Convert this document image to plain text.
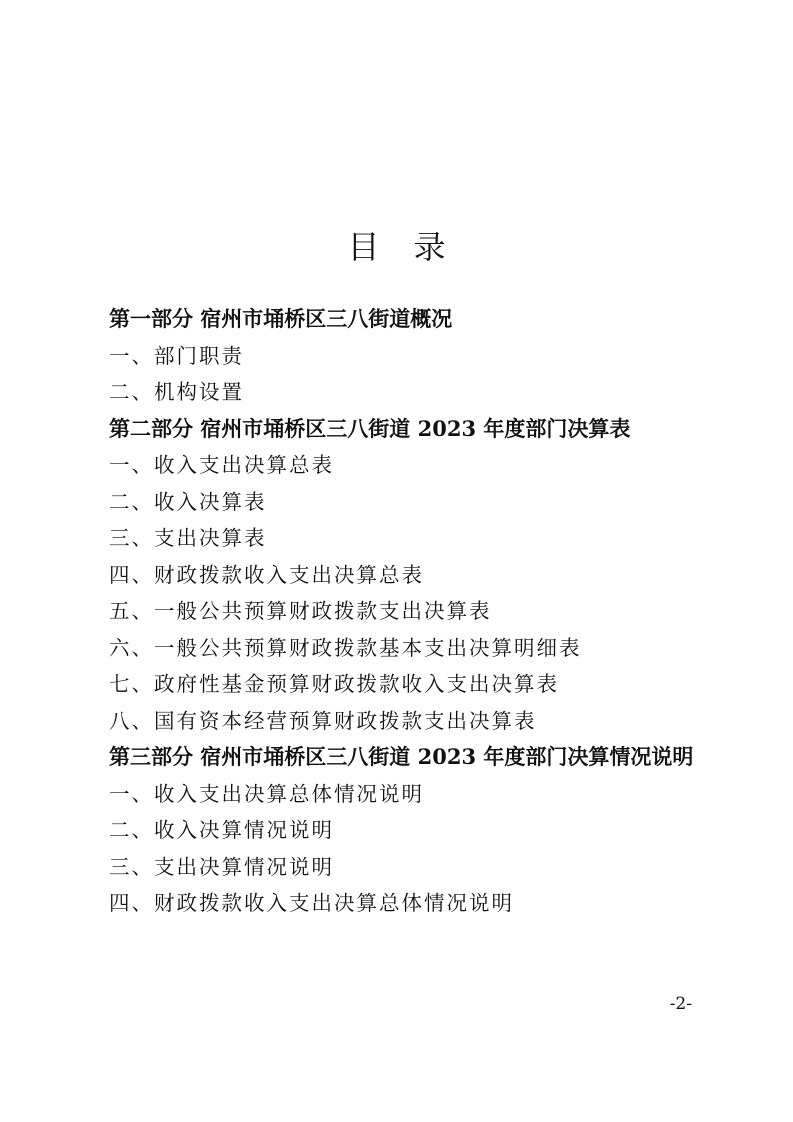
目录
第一部分 宿州市埇桥区三八街道概况
一、部门职责
二、机构设置
第二部分 宿州市埇桥区三八街道 2023 年度部门决算表
一、收入支出决算总表
二、收入决算表
三、支出决算表
四、财政拨款收入支出决算总表
五、一般公共预算财政拨款支出决算表
六、一般公共预算财政拨款基本支出决算明细表
七、政府性基金预算财政拨款收入支出决算表
八、国有资本经营预算财政拨款支出决算表
第三部分 宿州市埇桥区三八街道 2023 年度部门决算情况说明
一、收入支出决算总体情况说明
二、收入决算情况说明
三、支出决算情况说明
四、财政拨款收入支出决算总体情况说明
-2-
